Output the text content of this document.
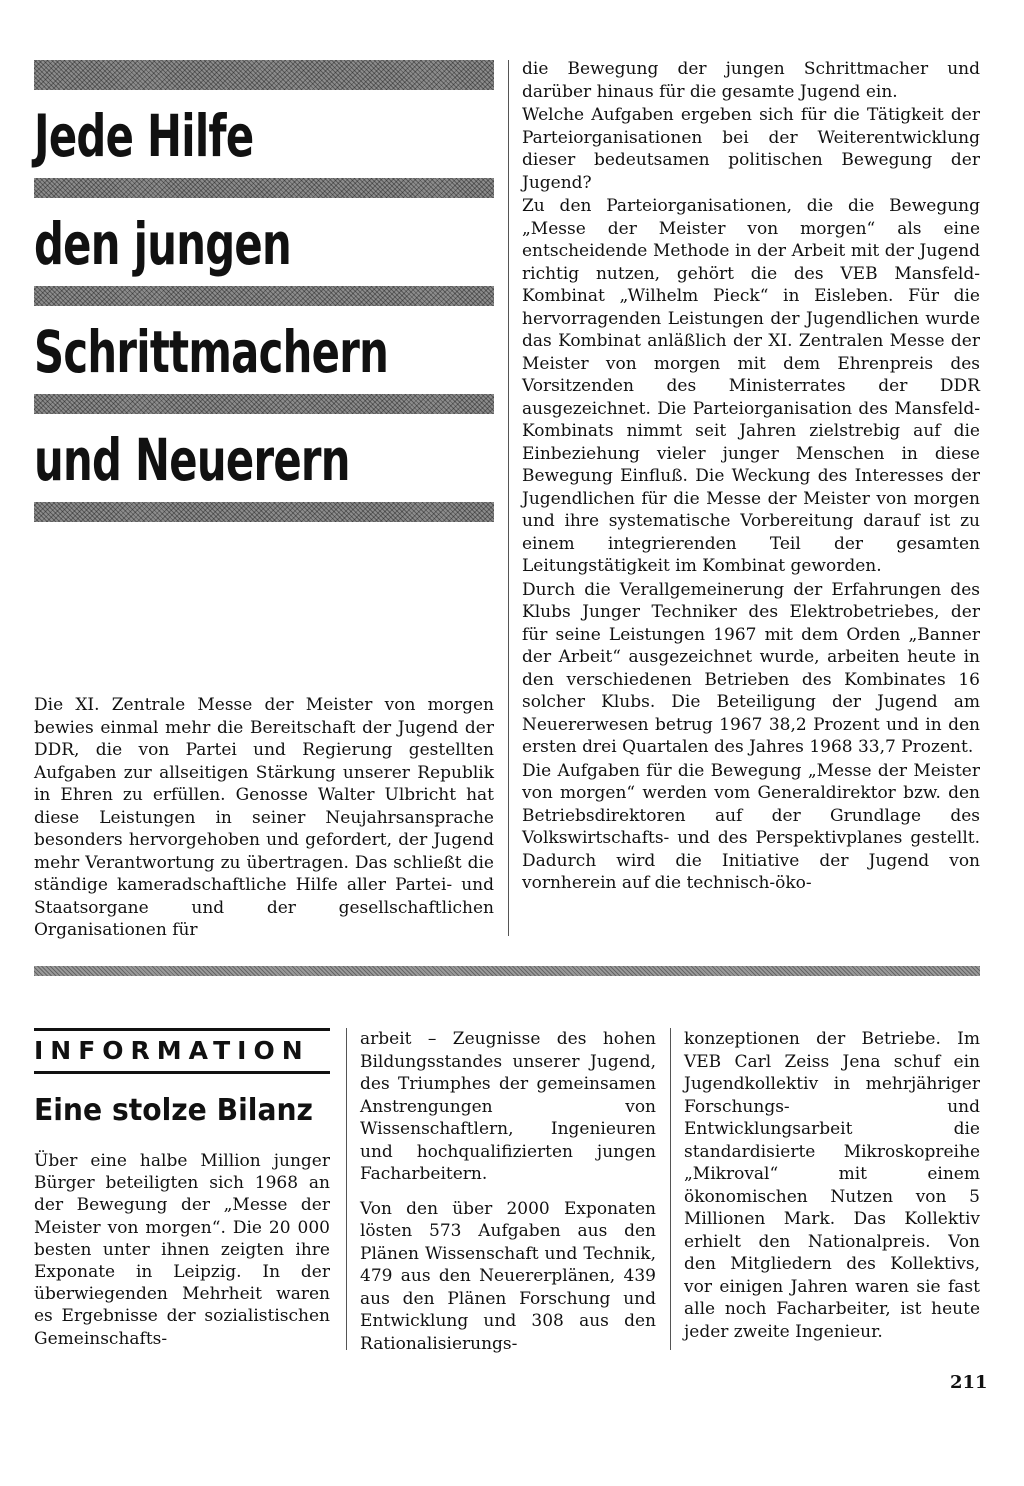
Jede Hilfe
den jungen
Schrittmachern
und Neuerern

Die XI. Zentrale Messe der Meister von morgen bewies einmal mehr die Bereitschaft der Jugend der DDR, die von Partei und Regierung gestellten Aufgaben zur allseitigen Stärkung unserer Republik in Ehren zu erfüllen. Genosse Walter Ulbricht hat diese Leistungen in seiner Neujahrsansprache besonders hervorgehoben und gefordert, der Jugend mehr Verantwortung zu übertragen. Das schließt die ständige kameradschaftliche Hilfe aller Partei- und Staatsorgane und der gesellschaftlichen Organisationen für

die Bewegung der jungen Schrittmacher und darüber hinaus für die gesamte Jugend ein.

Welche Aufgaben ergeben sich für die Tätigkeit der Parteiorganisationen bei der Weiterentwicklung dieser bedeutsamen politischen Bewegung der Jugend?

Zu den Parteiorganisationen, die die Bewegung „Messe der Meister von morgen“ als eine entscheidende Methode in der Arbeit mit der Jugend richtig nutzen, gehört die des VEB Mansfeld-Kombinat „Wilhelm Pieck“ in Eisleben. Für die hervorragenden Leistungen der Jugendlichen wurde das Kombinat anläßlich der XI. Zentralen Messe der Meister von morgen mit dem Ehrenpreis des Vorsitzenden des Ministerrates der DDR ausgezeichnet. Die Parteiorganisation des Mansfeld-Kombinats nimmt seit Jahren zielstrebig auf die Einbeziehung vieler junger Menschen in diese Bewegung Einfluß. Die Weckung des Interesses der Jugendlichen für die Messe der Meister von morgen und ihre systematische Vorbereitung darauf ist zu einem integrierenden Teil der gesamten Leitungstätigkeit im Kombinat geworden.

Durch die Verallgemeinerung der Erfahrungen des Klubs Junger Techniker des Elektrobetriebes, der für seine Leistungen 1967 mit dem Orden „Banner der Arbeit“ ausgezeichnet wurde, arbeiten heute in den verschiedenen Betrieben des Kombinates 16 solcher Klubs. Die Beteiligung der Jugend am Neuererwesen betrug 1967 38,2 Prozent und in den ersten drei Quartalen des Jahres 1968 33,7 Prozent.

Die Aufgaben für die Bewegung „Messe der Meister von morgen“ werden vom Generaldirektor bzw. den Betriebsdirektoren auf der Grundlage des Volkswirtschafts- und des Perspektivplanes gestellt. Dadurch wird die Initiative der Jugend von vornherein auf die technisch-öko-

INFORMATION
Eine stolze Bilanz
Über eine halbe Million junger Bürger beteiligten sich 1968 an der Bewegung der „Messe der Meister von morgen“. Die 20 000 besten unter ihnen zeigten ihre Exponate in Leipzig. In der überwiegenden Mehrheit waren es Ergebnisse der sozialistischen Gemeinschafts-

arbeit – Zeugnisse des hohen Bildungsstandes unserer Jugend, des Triumphes der gemeinsamen Anstrengungen von Wissenschaftlern, Ingenieuren und hochqualifizierten jungen Facharbeitern.

Von den über 2000 Exponaten lösten 573 Aufgaben aus den Plänen Wissenschaft und Technik, 479 aus den Neuererplänen, 439 aus den Plänen Forschung und Entwicklung und 308 aus den Rationalisierungs-

konzeptionen der Betriebe. Im VEB Carl Zeiss Jena schuf ein Jugendkollektiv in mehrjähriger Forschungs- und Entwicklungsarbeit die standardisierte Mikroskopreihe „Mikroval“ mit einem ökonomischen Nutzen von 5 Millionen Mark. Das Kollektiv erhielt den Nationalpreis. Von den Mitgliedern des Kollektivs, vor einigen Jahren waren sie fast alle noch Facharbeiter, ist heute jeder zweite Ingenieur.

211
